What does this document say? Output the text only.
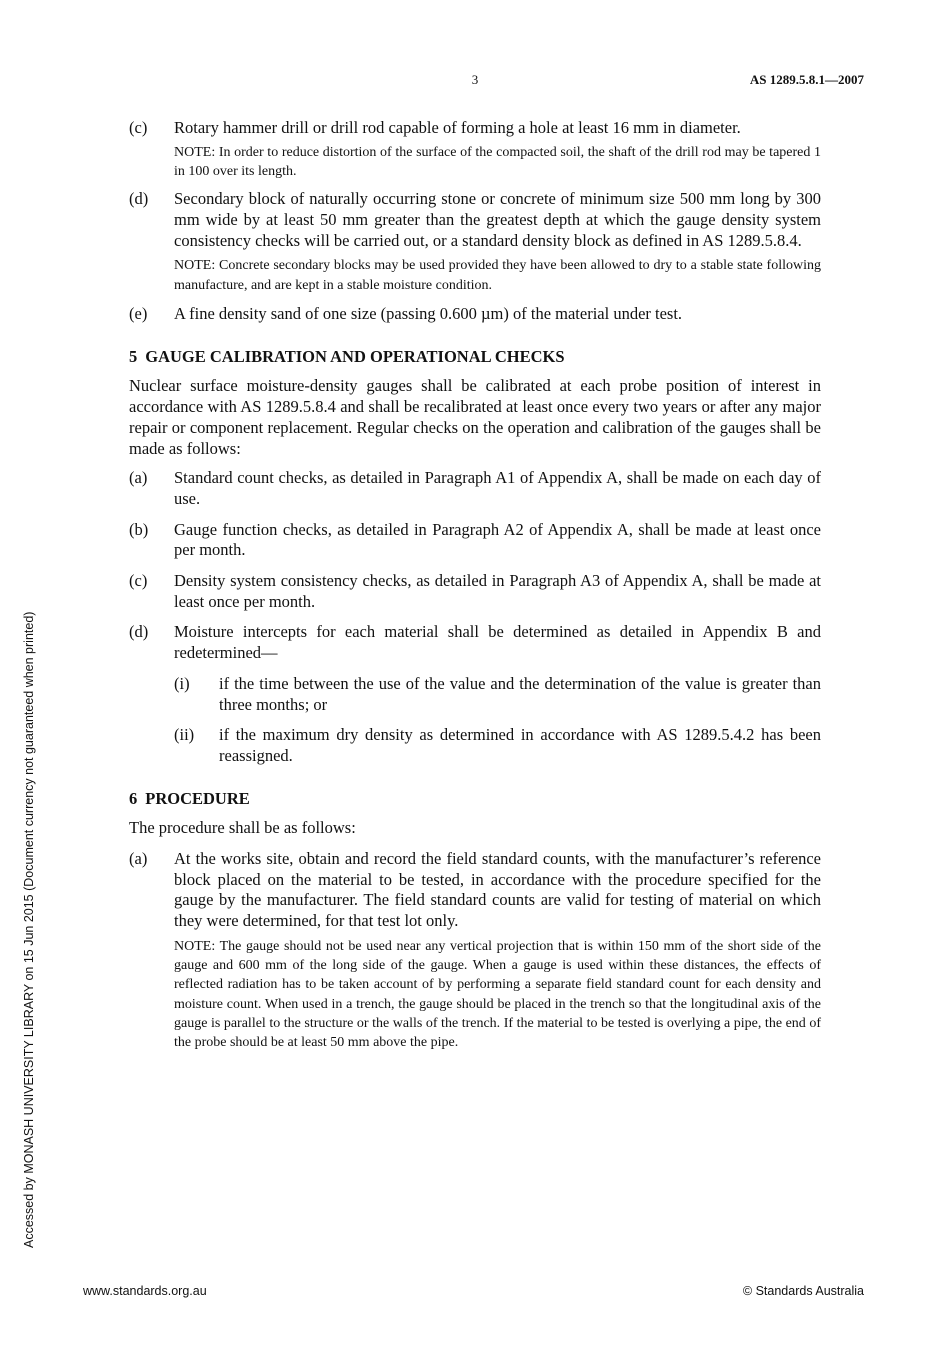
3	AS 1289.5.8.1—2007
(c)	Rotary hammer drill or drill rod capable of forming a hole at least 16 mm in diameter.

NOTE: In order to reduce distortion of the surface of the compacted soil, the shaft of the drill rod may be tapered 1 in 100 over its length.

(d)	Secondary block of naturally occurring stone or concrete of minimum size 500 mm long by 300 mm wide by at least 50 mm greater than the greatest depth at which the gauge density system consistency checks will be carried out, or a standard density block as defined in AS 1289.5.8.4.

NOTE: Concrete secondary blocks may be used provided they have been allowed to dry to a stable state following manufacture, and are kept in a stable moisture condition.

(e)	A fine density sand of one size (passing 0.600 µm) of the material under test.

5 GAUGE CALIBRATION AND OPERATIONAL CHECKS

Nuclear surface moisture-density gauges shall be calibrated at each probe position of interest in accordance with AS 1289.5.8.4 and shall be recalibrated at least once every two years or after any major repair or component replacement. Regular checks on the operation and calibration of the gauges shall be made as follows:

(a)	Standard count checks, as detailed in Paragraph A1 of Appendix A, shall be made on each day of use.

(b)	Gauge function checks, as detailed in Paragraph A2 of Appendix A, shall be made at least once per month.

(c)	Density system consistency checks, as detailed in Paragraph A3 of Appendix A, shall be made at least once per month.

(d)	Moisture intercepts for each material shall be determined as detailed in Appendix B and redetermined—

(i)	if the time between the use of the value and the determination of the value is greater than three months; or

(ii)	if the maximum dry density as determined in accordance with AS 1289.5.4.2 has been reassigned.

6 PROCEDURE

The procedure shall be as follows:

(a)	At the works site, obtain and record the field standard counts, with the manufacturer’s reference block placed on the material to be tested, in accordance with the procedure specified for the gauge by the manufacturer. The field standard counts are valid for testing of material on which they were determined, for that test lot only.

NOTE: The gauge should not be used near any vertical projection that is within 150 mm of the short side of the gauge and 600 mm of the long side of the gauge. When a gauge is used within these distances, the effects of reflected radiation has to be taken account of by performing a separate field standard count for each density and moisture count. When used in a trench, the gauge should be placed in the trench so that the longitudinal axis of the gauge is parallel to the structure or the walls of the trench. If the material to be tested is overlying a pipe, the end of the probe should be at least 50 mm above the pipe.

Accessed by MONASH UNIVERSITY LIBRARY on 15 Jun 2015 (Document currency not guaranteed when printed)
www.standards.org.au	© Standards Australia
